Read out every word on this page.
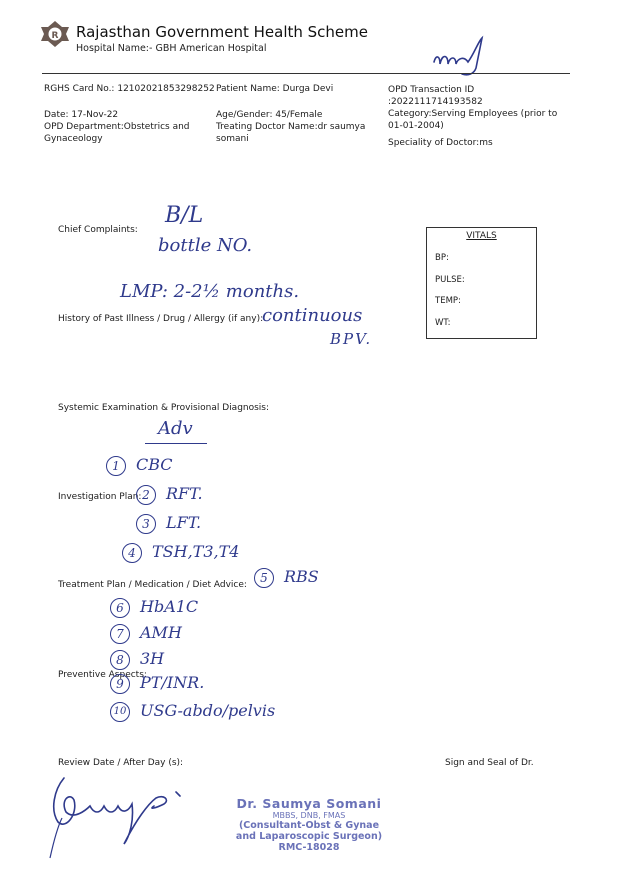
R Rajasthan Government Health Scheme
Hospital Name:- GBH American Hospital
RGHS Card No.: 12102021853298252 Patient Name: Durga Devi	OPD Transaction ID :2022111714193582
Category:Serving Employees (prior to 01-01-2004)
Date: 17-Nov-22	Age/Gender: 45/Female
OPD Department:Obstetrics and Gynaceology
Treating Doctor Name:dr saumya somani	Speciality of Doctor:ms
Chief Complaints:
History of Past Illness / Drug / Allergy (if any):
Systemic Examination & Provisional Diagnosis:
Investigation Plan:
Treatment Plan / Medication / Diet Advice:
Preventive Aspects:
Review Date / After Day (s):	Sign and Seal of Dr.
VITALS
BP:
PULSE:
TEMP:
WT:
B/L
bottle NO.
LMP: 2-2½ months.
continuous
BPV.
Adv
1 CBC
2 RFT.
3 LFT.
4 TSH,T3,T4
5 RBS
6 HbA1C
7 AMH
8 3H
9 PT/INR.
10 USG-abdo/pelvis
Dr. Saumya Somani
MBBS, DNB, FMAS
(Consultant-Obst & Gynae
and Laparoscopic Surgeon)
RMC-18028
